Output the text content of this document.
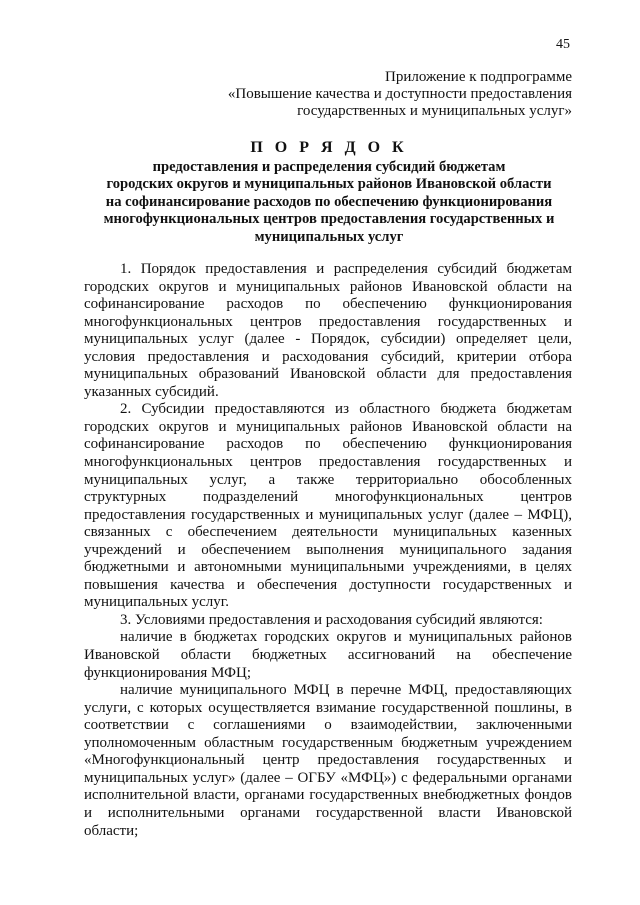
45
Приложение к подпрограмме
«Повышение качества и доступности предоставления
государственных и муниципальных услуг»
П О Р Я Д О К
предоставления и распределения субсидий бюджетам
городских округов и муниципальных районов Ивановской области
на софинансирование расходов по обеспечению функционирования
многофункциональных центров предоставления государственных и
муниципальных услуг
1. Порядок предоставления и распределения субсидий бюджетам
городских округов и муниципальных районов Ивановской области на
софинансирование расходов по обеспечению функционирования
многофункциональных центров предоставления государственных и
муниципальных услуг (далее - Порядок, субсидии) определяет цели,
условия предоставления и расходования субсидий, критерии отбора
муниципальных образований Ивановской области для предоставления
указанных субсидий.
2. Субсидии предоставляются из областного бюджета бюджетам
городских округов и муниципальных районов Ивановской области на
софинансирование расходов по обеспечению функционирования
многофункциональных центров предоставления государственных и
муниципальных услуг, а также территориально обособленных
структурных подразделений многофункциональных центров
предоставления государственных и муниципальных услуг (далее – МФЦ),
связанных с обеспечением деятельности муниципальных казенных
учреждений и обеспечением выполнения муниципального задания
бюджетными и автономными муниципальными учреждениями, в целях
повышения качества и обеспечения доступности государственных и
муниципальных услуг.
3. Условиями предоставления и расходования субсидий являются:
наличие в бюджетах городских округов и муниципальных районов
Ивановской области бюджетных ассигнований на обеспечение
функционирования МФЦ;
наличие муниципального МФЦ в перечне МФЦ, предоставляющих
услуги, с которых осуществляется взимание государственной пошлины, в
соответствии с соглашениями о взаимодействии, заключенными
уполномоченным областным государственным бюджетным учреждением
«Многофункциональный центр предоставления государственных и
муниципальных услуг» (далее – ОГБУ «МФЦ») с федеральными органами
исполнительной власти, органами государственных внебюджетных фондов
и исполнительными органами государственной власти Ивановской
области;
